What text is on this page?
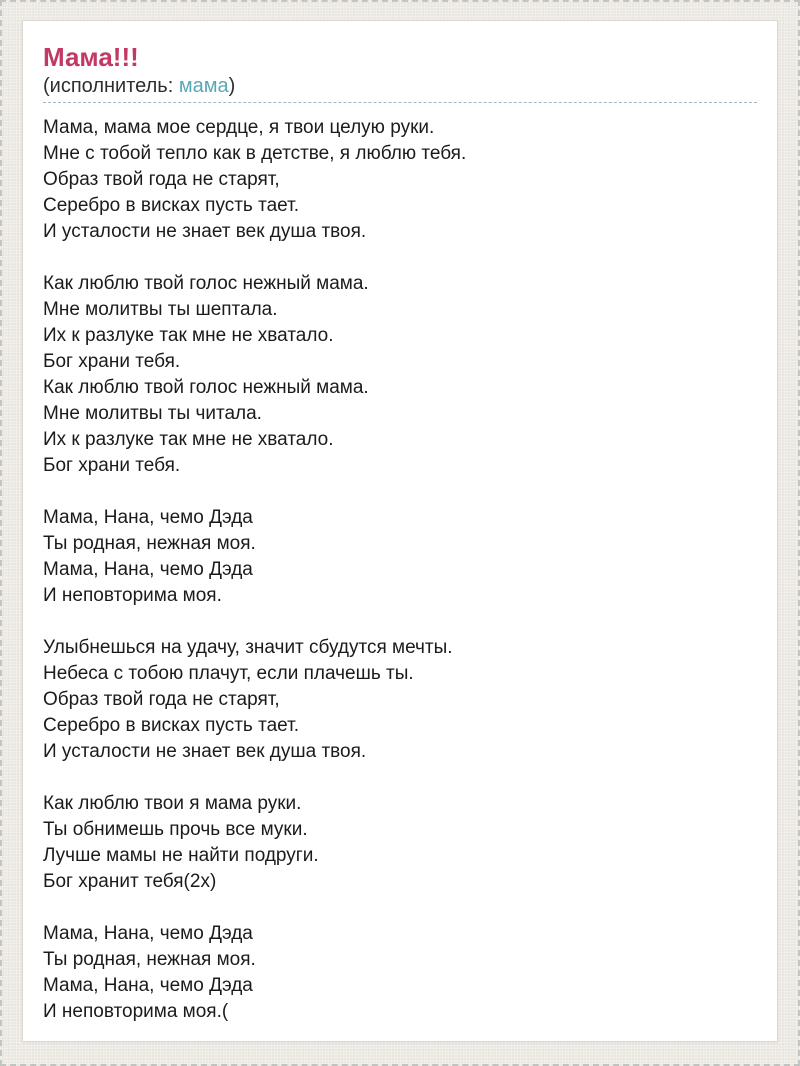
Мама!!!
(исполнитель: мама)

Мама, мама мое сердце, я твои целую руки.
Мне с тобой тепло как в детстве, я люблю тебя.
Образ твой года не старят,
Серебро в висках пусть тает.
И усталости не знает век душа твоя.

Как люблю твой голос нежный мама.
Мне молитвы ты шептала.
Их к разлуке так мне не хватало.
Бог храни тебя.
Как люблю твой голос нежный мама.
Мне молитвы ты читала.
Их к разлуке так мне не хватало.
Бог храни тебя.

Мама, Нана, чемо Дэда
Ты родная, нежная моя.
Мама, Нана, чемо Дэда
И неповторима моя.

Улыбнешься на удачу, значит сбудутся мечты.
Небеса с тобою плачут, если плачешь ты.
Образ твой года не старят,
Серебро в висках пусть тает.
И усталости не знает век душа твоя.

Как люблю твои я мама руки.
Ты обнимешь прочь все муки.
Лучше мамы не найти подруги.
Бог хранит тебя(2х)

Мама, Нана, чемо Дэда
Ты родная, нежная моя.
Мама, Нана, чемо Дэда
И неповторима моя.(
